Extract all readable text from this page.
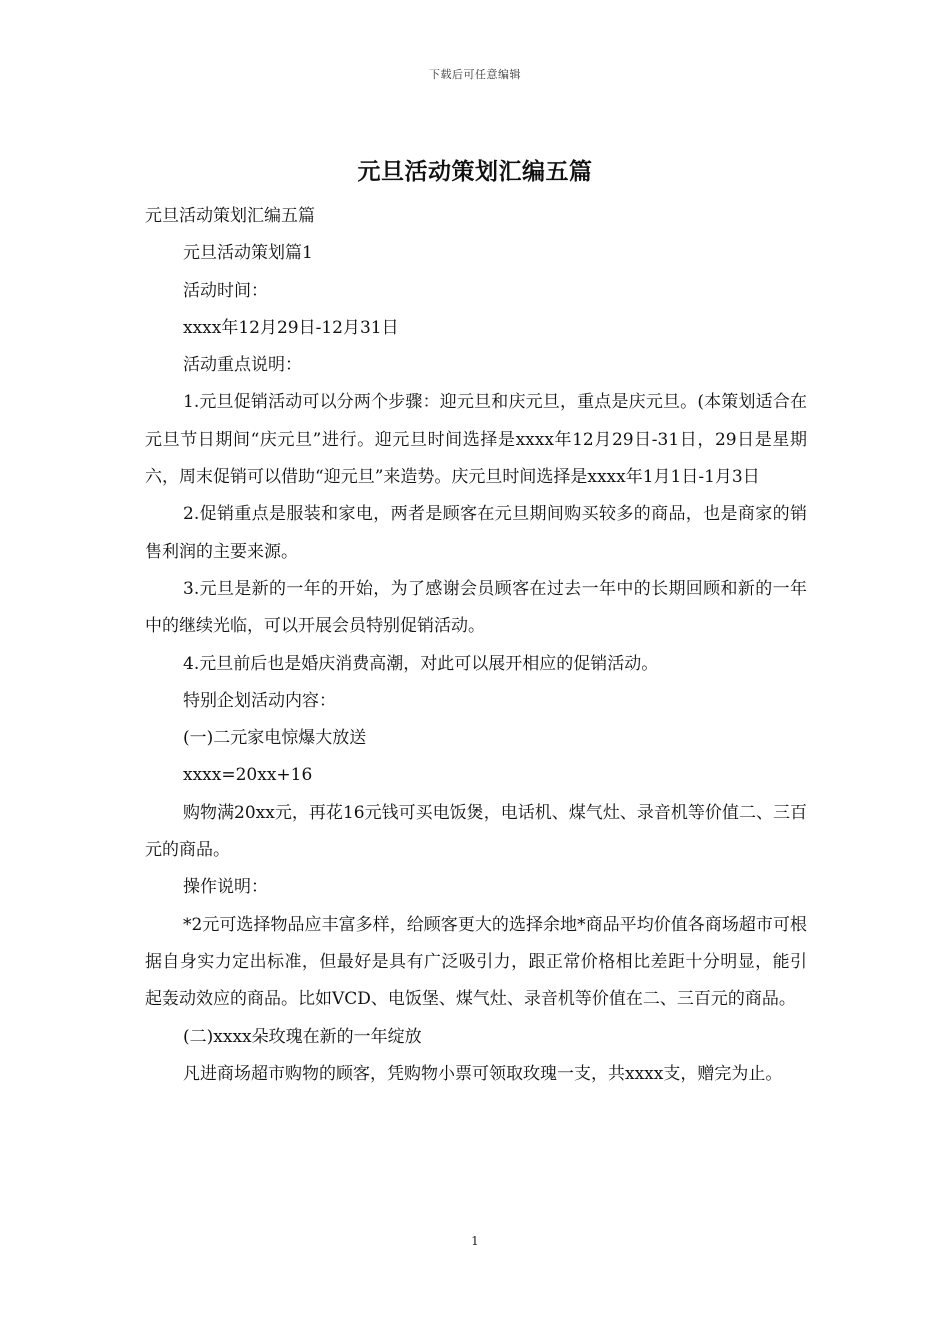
下载后可任意编辑
元旦活动策划汇编五篇

元旦活动策划汇编五篇

元旦活动策划篇1

活动时间：

xxxx年12月29日-12月31日

活动重点说明：

1.元旦促销活动可以分两个步骤：迎元旦和庆元旦，重点是庆元旦。(本策划适合在元旦节日期间“庆元旦”进行。迎元旦时间选择是xxxx年12月29日-31日，29日是星期六，周末促销可以借助“迎元旦”来造势。庆元旦时间选择是xxxx年1月1日-1月3日

2.促销重点是服装和家电，两者是顾客在元旦期间购买较多的商品，也是商家的销售利润的主要来源。

3.元旦是新的一年的开始，为了感谢会员顾客在过去一年中的长期回顾和新的一年中的继续光临，可以开展会员特别促销活动。

4.元旦前后也是婚庆消费高潮，对此可以展开相应的促销活动。

特别企划活动内容：

(一)二元家电惊爆大放送

xxxx=20xx+16

购物满20xx元，再花16元钱可买电饭煲，电话机、煤气灶、录音机等价值二、三百元的商品。

操作说明：

*2元可选择物品应丰富多样，给顾客更大的选择余地*商品平均价值各商场超市可根据自身实力定出标准，但最好是具有广泛吸引力，跟正常价格相比差距十分明显，能引起轰动效应的商品。比如VCD、电饭堡、煤气灶、录音机等价值在二、三百元的商品。

(二)xxxx朵玫瑰在新的一年绽放

凡进商场超市购物的顾客，凭购物小票可领取玫瑰一支，共xxxx支，赠完为止。

1
